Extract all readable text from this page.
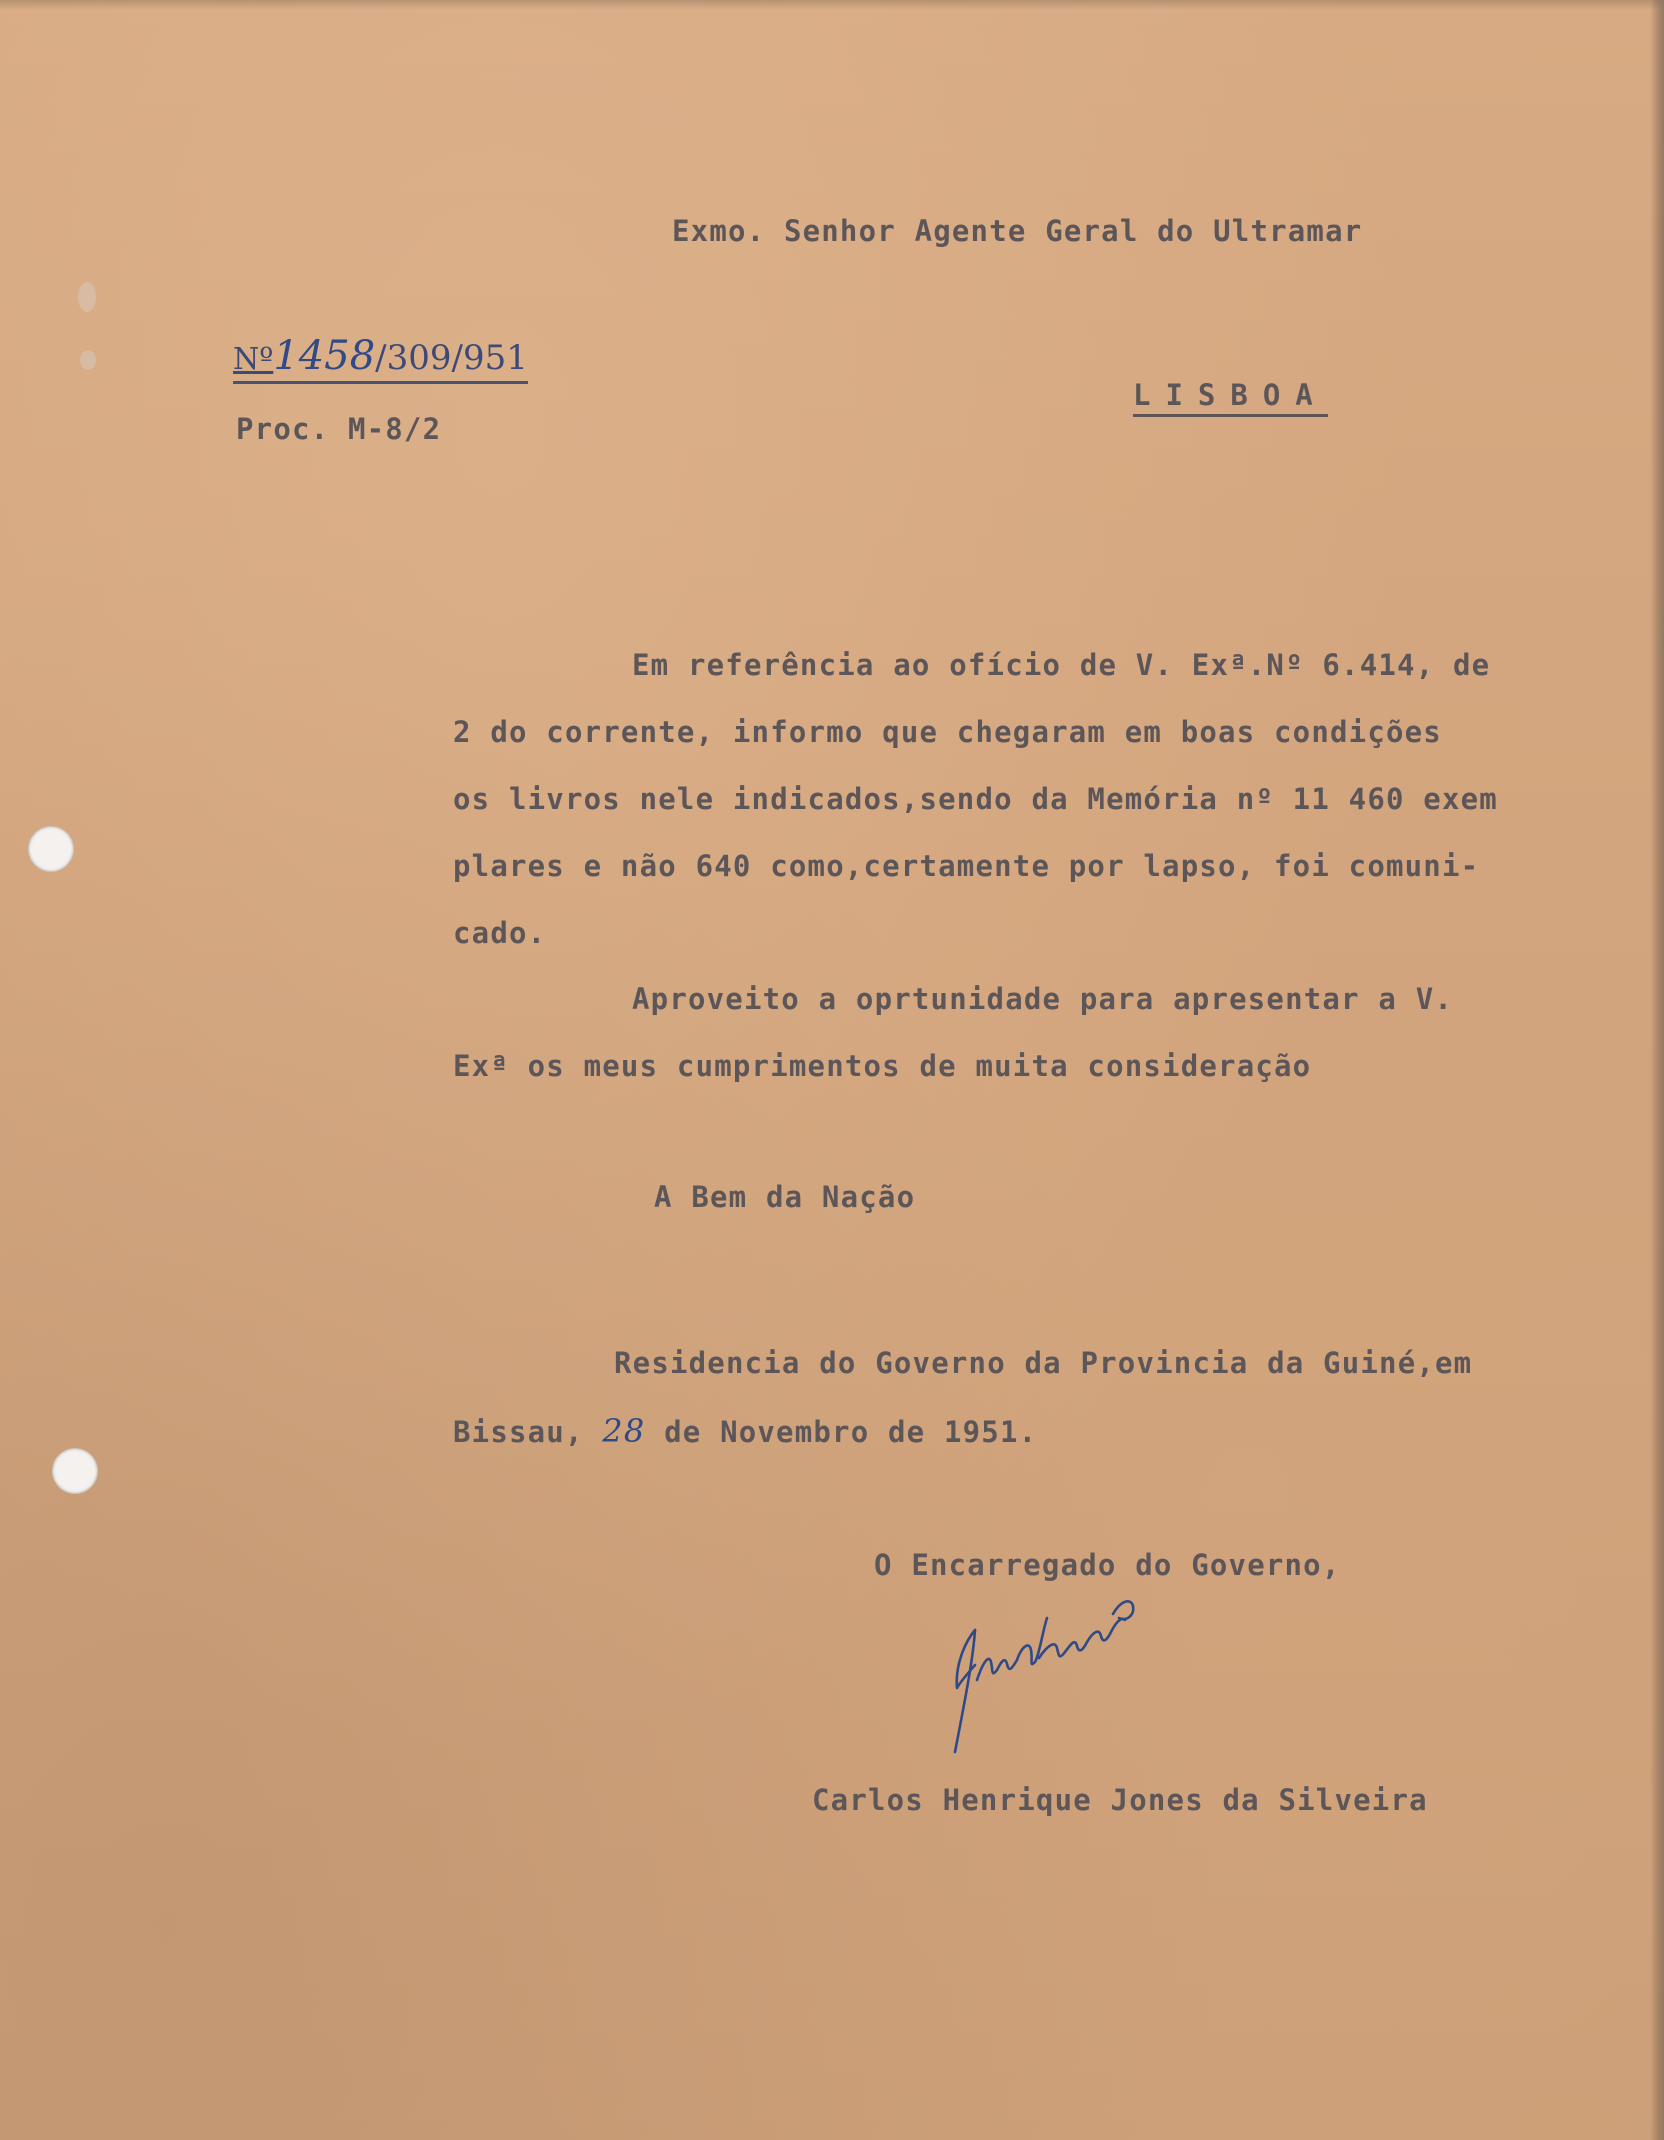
Exmo. Senhor Agente Geral do Ultramar
Nº1458/309/951
Proc. M-8/2
LISBOA
Em referência ao ofício de V. Exª.Nº 6.414, de
2 do corrente, informo que chegaram em boas condições
os livros nele indicados,sendo da Memória nº 11 460 exem
plares e não 640 como,certamente por lapso, foi comuni-
cado.
Aproveito a oprtunidade para apresentar a V.
Exª os meus cumprimentos de muita consideração
A Bem da Nação
Residencia do Governo da Provincia da Guiné,em
Bissau, 28 de Novembro de 1951.
O Encarregado do Governo,
Carlos Henrique Jones da Silveira
